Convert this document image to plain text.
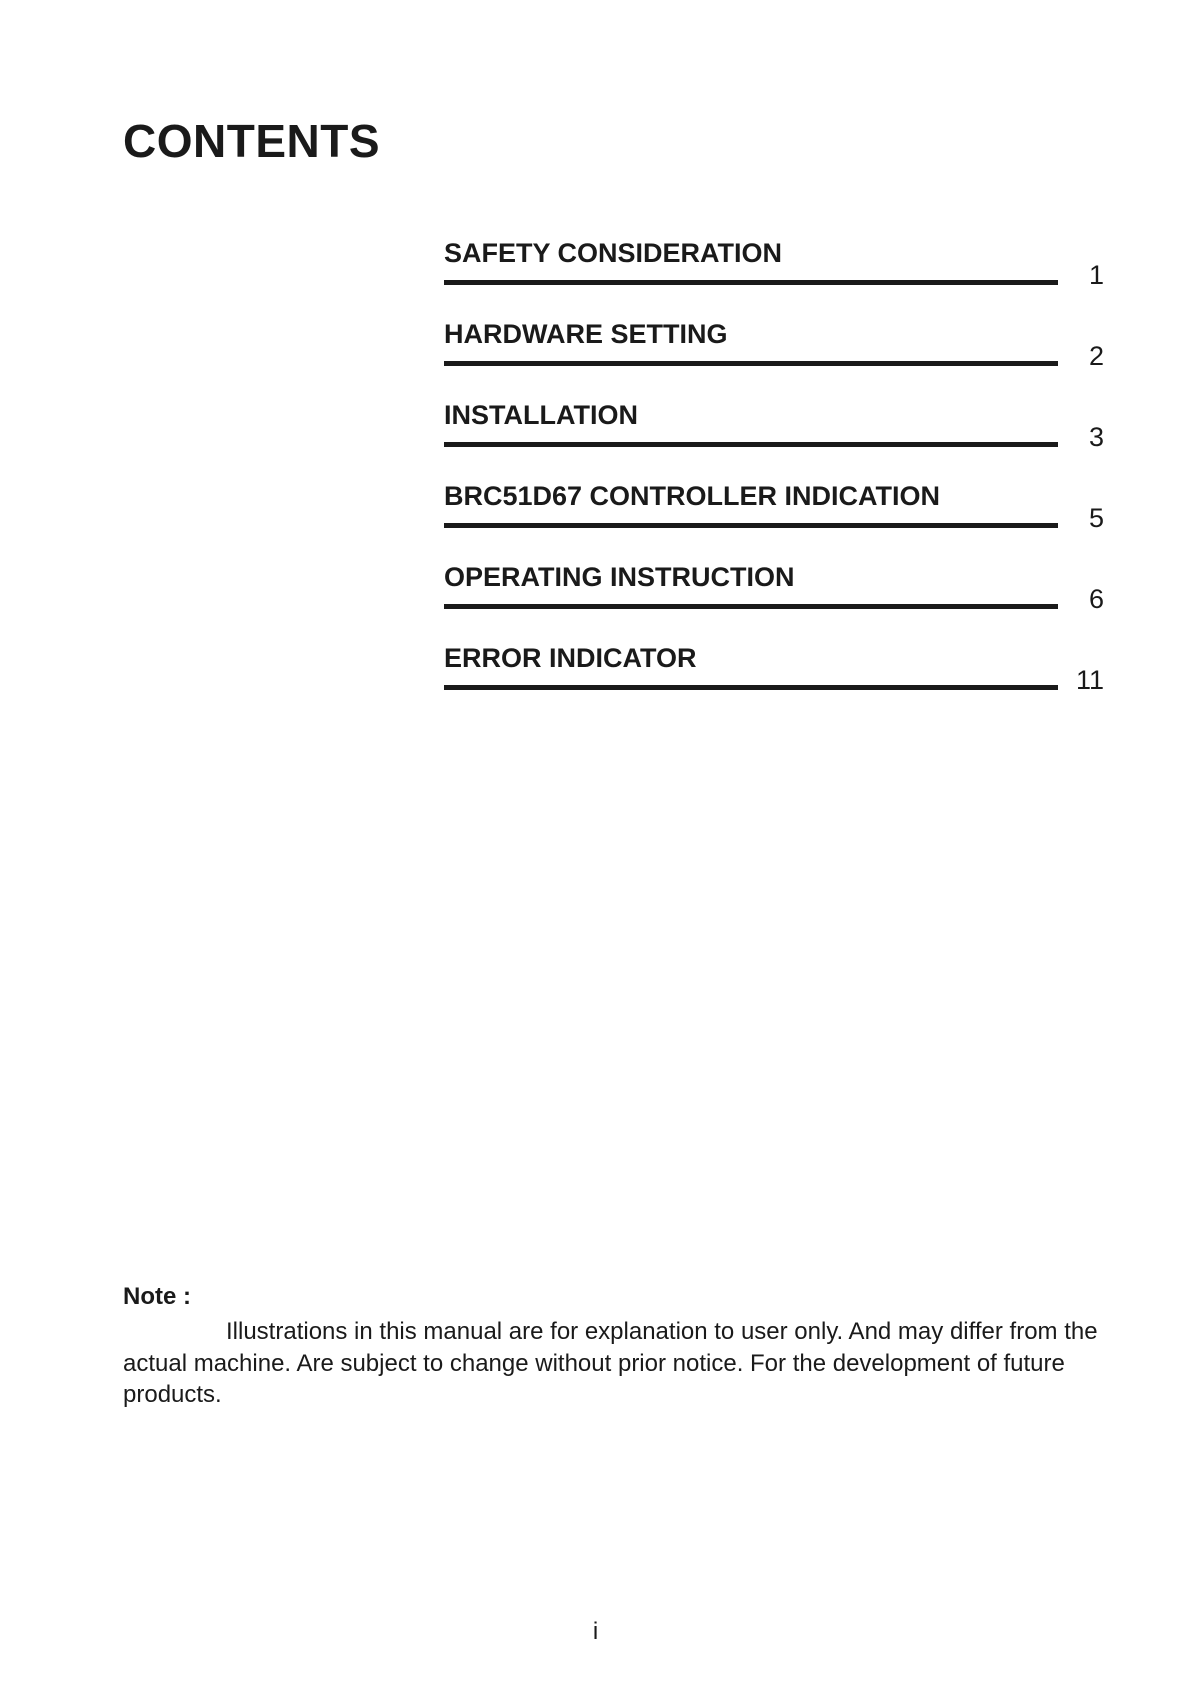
CONTENTS
SAFETY CONSIDERATION
1
HARDWARE SETTING
2
INSTALLATION
3
BRC51D67 CONTROLLER INDICATION
5
OPERATING INSTRUCTION
6
ERROR INDICATOR
11

Note :

Illustrations in this manual are for explanation to user only. And may differ from the actual machine. Are subject to change without prior notice. For the development of future products.

i
